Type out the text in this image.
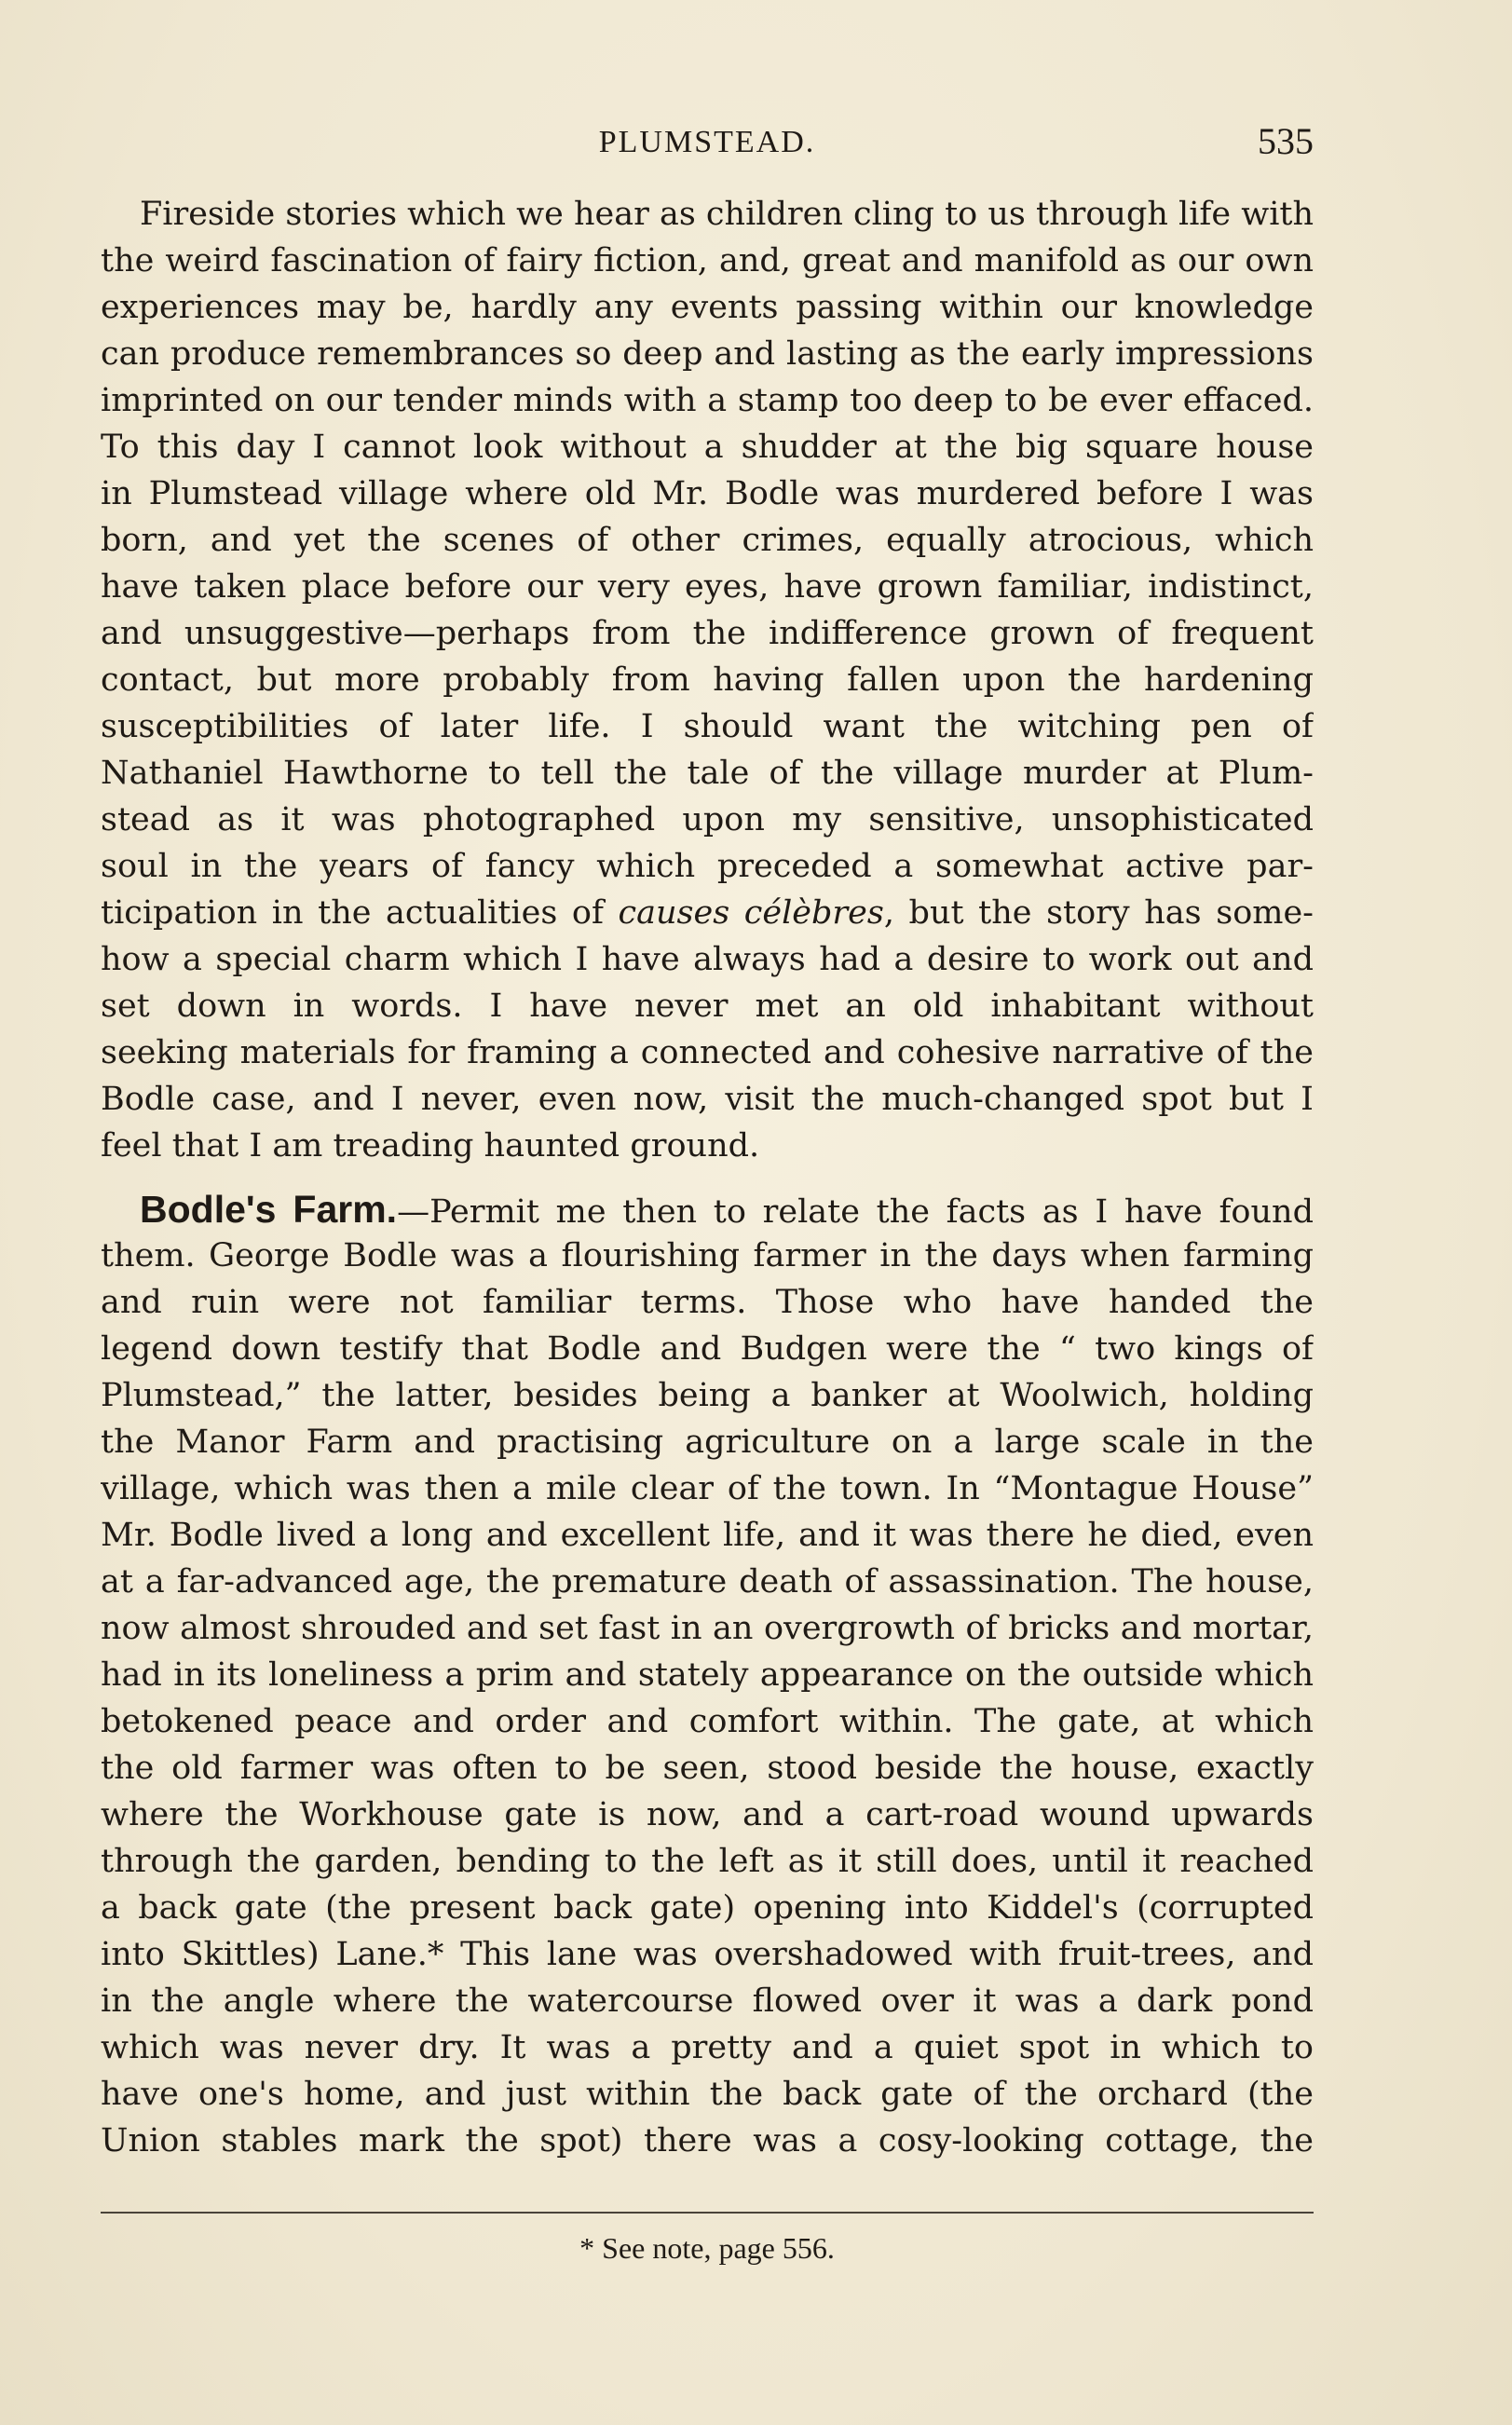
PLUMSTEAD.	535
Fireside stories which we hear as children cling to us through life with
the weird fascination of fairy fiction, and, great and manifold as our own
experiences may be, hardly any events passing within our knowledge
can produce remembrances so deep and lasting as the early impressions
imprinted on our tender minds with a stamp too deep to be ever effaced.
To this day I cannot look without a shudder at the big square house
in Plumstead village where old Mr. Bodle was murdered before I was
born, and yet the scenes of other crimes, equally atrocious, which
have taken place before our very eyes, have grown familiar, indistinct,
and unsuggestive—perhaps from the indifference grown of frequent
contact, but more probably from having fallen upon the hardening
susceptibilities of later life. I should want the witching pen of
Nathaniel Hawthorne to tell the tale of the village murder at Plum-
stead as it was photographed upon my sensitive, unsophisticated
soul in the years of fancy which preceded a somewhat active par-
ticipation in the actualities of causes célèbres, but the story has some-
how a special charm which I have always had a desire to work out and
set down in words. I have never met an old inhabitant without
seeking materials for framing a connected and cohesive narrative of the
Bodle case, and I never, even now, visit the much-changed spot but I
feel that I am treading haunted ground.
Bodle's Farm.—Permit me then to relate the facts as I have found
them. George Bodle was a flourishing farmer in the days when farming
and ruin were not familiar terms. Those who have handed the
legend down testify that Bodle and Budgen were the “ two kings of
Plumstead,” the latter, besides being a banker at Woolwich, holding
the Manor Farm and practising agriculture on a large scale in the
village, which was then a mile clear of the town. In “Montague House”
Mr. Bodle lived a long and excellent life, and it was there he died, even
at a far-advanced age, the premature death of assassination. The house,
now almost shrouded and set fast in an overgrowth of bricks and mortar,
had in its loneliness a prim and stately appearance on the outside which
betokened peace and order and comfort within. The gate, at which
the old farmer was often to be seen, stood beside the house, exactly
where the Workhouse gate is now, and a cart-road wound upwards
through the garden, bending to the left as it still does, until it reached
a back gate (the present back gate) opening into Kiddel's (corrupted
into Skittles) Lane.* This lane was overshadowed with fruit-trees, and
in the angle where the watercourse flowed over it was a dark pond
which was never dry. It was a pretty and a quiet spot in which to
have one's home, and just within the back gate of the orchard (the
Union stables mark the spot) there was a cosy-looking cottage, the
* See note, page 556.
